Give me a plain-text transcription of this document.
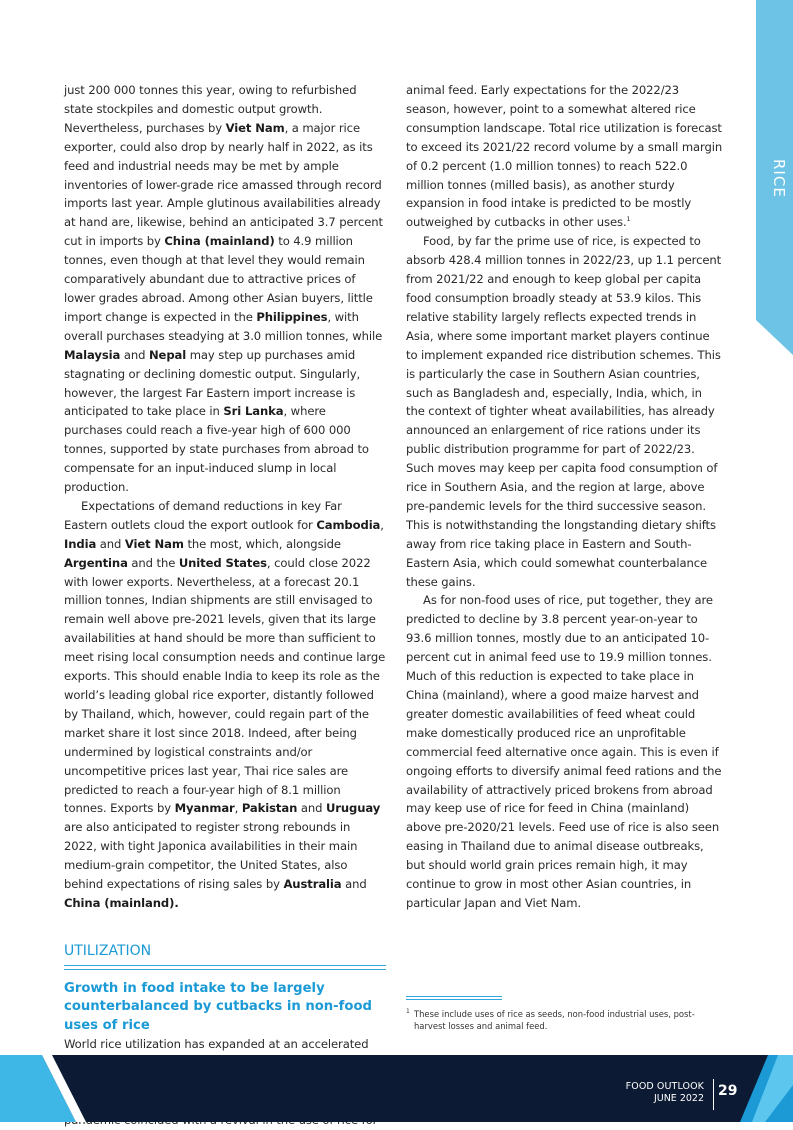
RICE

just 200 000 tonnes this year, owing to refurbished state stockpiles and domestic output growth. Nevertheless, purchases by Viet Nam, a major rice exporter, could also drop by nearly half in 2022, as its feed and industrial needs may be met by ample inventories of lower-grade rice amassed through record imports last year. Ample glutinous availabilities already at hand are, likewise, behind an anticipated 3.7 percent cut in imports by China (mainland) to 4.9 million tonnes, even though at that level they would remain comparatively abundant due to attractive prices of lower grades abroad. Among other Asian buyers, little import change is expected in the Philippines, with overall purchases steadying at 3.0 million tonnes, while Malaysia and Nepal may step up purchases amid stagnating or declining domestic output. Singularly, however, the largest Far Eastern import increase is anticipated to take place in Sri Lanka, where purchases could reach a five-year high of 600 000 tonnes, supported by state purchases from abroad to compensate for an input-induced slump in local production.

Expectations of demand reductions in key Far Eastern outlets cloud the export outlook for Cambodia, India and Viet Nam the most, which, alongside Argentina and the United States, could close 2022 with lower exports. Nevertheless, at a forecast 20.1 million tonnes, Indian shipments are still envisaged to remain well above pre-2021 levels, given that its large availabilities at hand should be more than sufficient to meet rising local consumption needs and continue large exports. This should enable India to keep its role as the world’s leading global rice exporter, distantly followed by Thailand, which, however, could regain part of the market share it lost since 2018. Indeed, after being undermined by logistical constraints and/or uncompetitive prices last year, Thai rice sales are predicted to reach a four-year high of 8.1 million tonnes. Exports by Myanmar, Pakistan and Uruguay are also anticipated to register strong rebounds in 2022, with tight Japonica availabilities in their main medium-grain competitor, the United States, also behind expectations of rising sales by Australia and China (mainland).

UTILIZATION
Growth in food intake to be largely counterbalanced by cutbacks in non-food uses of rice

World rice utilization has expanded at an accelerated

animal feed. Early expectations for the 2022/23 season, however, point to a somewhat altered rice consumption landscape. Total rice utilization is forecast to exceed its 2021/22 record volume by a small margin of 0.2 percent (1.0 million tonnes) to reach 522.0 million tonnes (milled basis), as another sturdy expansion in food intake is predicted to be mostly outweighed by cutbacks in other uses.$^1$

Food, by far the prime use of rice, is expected to absorb 428.4 million tonnes in 2022/23, up 1.1 percent from 2021/22 and enough to keep global per capita food consumption broadly steady at 53.9 kilos. This relative stability largely reflects expected trends in Asia, where some important market players continue to implement expanded rice distribution schemes. This is particularly the case in Southern Asian countries, such as Bangladesh and, especially, India, which, in the context of tighter wheat availabilities, has already announced an enlargement of rice rations under its public distribution programme for part of 2022/23. Such moves may keep per capita food consumption of rice in Southern Asia, and the region at large, above pre-pandemic levels for the third successive season. This is notwithstanding the longstanding dietary shifts away from rice taking place in Eastern and South-Eastern Asia, which could somewhat counterbalance these gains.

As for non-food uses of rice, put together, they are predicted to decline by 3.8 percent year-on-year to 93.6 million tonnes, mostly due to an anticipated 10-percent cut in animal feed use to 19.9 million tonnes. Much of this reduction is expected to take place in China (mainland), where a good maize harvest and greater domestic availabilities of feed wheat could make domestically produced rice an unprofitable commercial feed alternative once again. This is even if ongoing efforts to diversify animal feed rations and the availability of attractively priced brokens from abroad may keep use of rice for feed in China (mainland) above pre-2020/21 levels. Feed use of rice is also seen easing in Thailand due to animal disease outbreaks, but should world grain prices remain high, it may continue to grow in most other Asian countries, in particular Japan and Viet Nam.

1 These include uses of rice as seeds, non-food industrial uses, post-harvest losses and animal feed.
FOOD OUTLOOK
JUNE 2022 29
